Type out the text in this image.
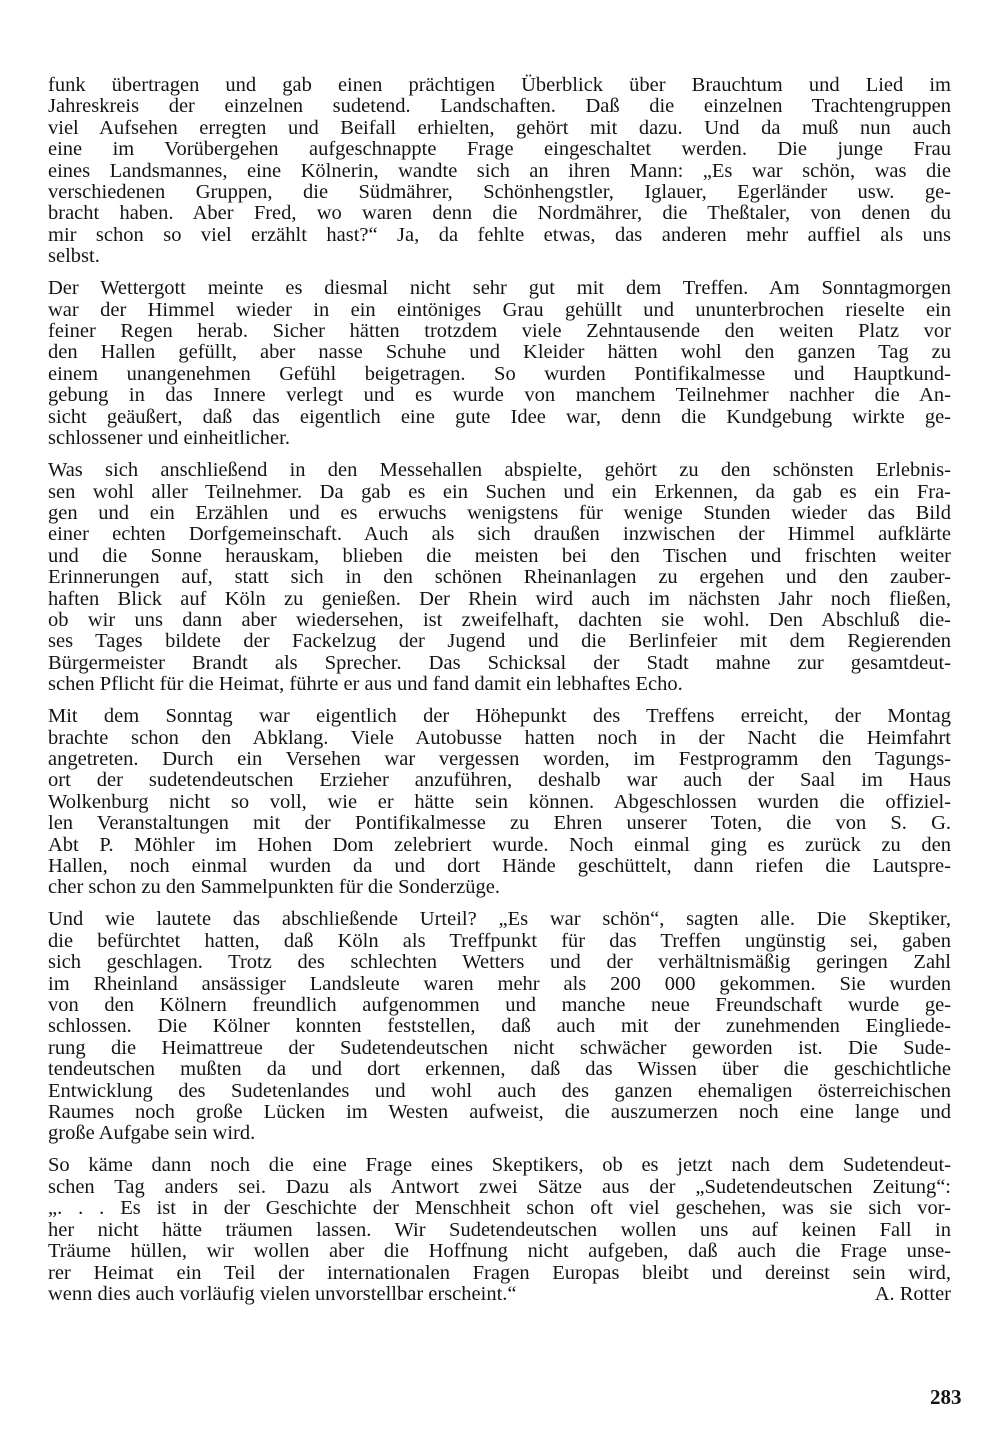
funk übertragen und gab einen prächtigen Überblick über Brauchtum und Lied im
Jahreskreis der einzelnen sudetend. Landschaften. Daß die einzelnen Trachtengruppen
viel Aufsehen erregten und Beifall erhielten, gehört mit dazu. Und da muß nun auch
eine im Vorübergehen aufgeschnappte Frage eingeschaltet werden. Die junge Frau
eines Landsmannes, eine Kölnerin, wandte sich an ihren Mann: „Es war schön, was die
verschiedenen Gruppen, die Südmährer, Schönhengstler, Iglauer, Egerländer usw. ge-
bracht haben. Aber Fred, wo waren denn die Nordmährer, die Theßtaler, von denen du
mir schon so viel erzählt hast?“ Ja, da fehlte etwas, das anderen mehr auffiel als uns
selbst.
Der Wettergott meinte es diesmal nicht sehr gut mit dem Treffen. Am Sonntagmorgen
war der Himmel wieder in ein eintöniges Grau gehüllt und ununterbrochen rieselte ein
feiner Regen herab. Sicher hätten trotzdem viele Zehntausende den weiten Platz vor
den Hallen gefüllt, aber nasse Schuhe und Kleider hätten wohl den ganzen Tag zu
einem unangenehmen Gefühl beigetragen. So wurden Pontifikalmesse und Hauptkund-
gebung in das Innere verlegt und es wurde von manchem Teilnehmer nachher die An-
sicht geäußert, daß das eigentlich eine gute Idee war, denn die Kundgebung wirkte ge-
schlossener und einheitlicher.
Was sich anschließend in den Messehallen abspielte, gehört zu den schönsten Erlebnis-
sen wohl aller Teilnehmer. Da gab es ein Suchen und ein Erkennen, da gab es ein Fra-
gen und ein Erzählen und es erwuchs wenigstens für wenige Stunden wieder das Bild
einer echten Dorfgemeinschaft. Auch als sich draußen inzwischen der Himmel aufklärte
und die Sonne herauskam, blieben die meisten bei den Tischen und frischten weiter
Erinnerungen auf, statt sich in den schönen Rheinanlagen zu ergehen und den zauber-
haften Blick auf Köln zu genießen. Der Rhein wird auch im nächsten Jahr noch fließen,
ob wir uns dann aber wiedersehen, ist zweifelhaft, dachten sie wohl. Den Abschluß die-
ses Tages bildete der Fackelzug der Jugend und die Berlinfeier mit dem Regierenden
Bürgermeister Brandt als Sprecher. Das Schicksal der Stadt mahne zur gesamtdeut-
schen Pflicht für die Heimat, führte er aus und fand damit ein lebhaftes Echo.
Mit dem Sonntag war eigentlich der Höhepunkt des Treffens erreicht, der Montag
brachte schon den Abklang. Viele Autobusse hatten noch in der Nacht die Heimfahrt
angetreten. Durch ein Versehen war vergessen worden, im Festprogramm den Tagungs-
ort der sudetendeutschen Erzieher anzuführen, deshalb war auch der Saal im Haus
Wolkenburg nicht so voll, wie er hätte sein können. Abgeschlossen wurden die offiziel-
len Veranstaltungen mit der Pontifikalmesse zu Ehren unserer Toten, die von S. G.
Abt P. Möhler im Hohen Dom zelebriert wurde. Noch einmal ging es zurück zu den
Hallen, noch einmal wurden da und dort Hände geschüttelt, dann riefen die Lautspre-
cher schon zu den Sammelpunkten für die Sonderzüge.
Und wie lautete das abschließende Urteil? „Es war schön“, sagten alle. Die Skeptiker,
die befürchtet hatten, daß Köln als Treffpunkt für das Treffen ungünstig sei, gaben
sich geschlagen. Trotz des schlechten Wetters und der verhältnismäßig geringen Zahl
im Rheinland ansässiger Landsleute waren mehr als 200 000 gekommen. Sie wurden
von den Kölnern freundlich aufgenommen und manche neue Freundschaft wurde ge-
schlossen. Die Kölner konnten feststellen, daß auch mit der zunehmenden Eingliede-
rung die Heimattreue der Sudetendeutschen nicht schwächer geworden ist. Die Sude-
tendeutschen mußten da und dort erkennen, daß das Wissen über die geschichtliche
Entwicklung des Sudetenlandes und wohl auch des ganzen ehemaligen österreichischen
Raumes noch große Lücken im Westen aufweist, die auszumerzen noch eine lange und
große Aufgabe sein wird.
So käme dann noch die eine Frage eines Skeptikers, ob es jetzt nach dem Sudetendeut-
schen Tag anders sei. Dazu als Antwort zwei Sätze aus der „Sudetendeutschen Zeitung“:
„. . . Es ist in der Geschichte der Menschheit schon oft viel geschehen, was sie sich vor-
her nicht hätte träumen lassen. Wir Sudetendeutschen wollen uns auf keinen Fall in
Träume hüllen, wir wollen aber die Hoffnung nicht aufgeben, daß auch die Frage unse-
rer Heimat ein Teil der internationalen Fragen Europas bleibt und dereinst sein wird,
wenn dies auch vorläufig vielen unvorstellbar erscheint.“	A. Rotter
283
